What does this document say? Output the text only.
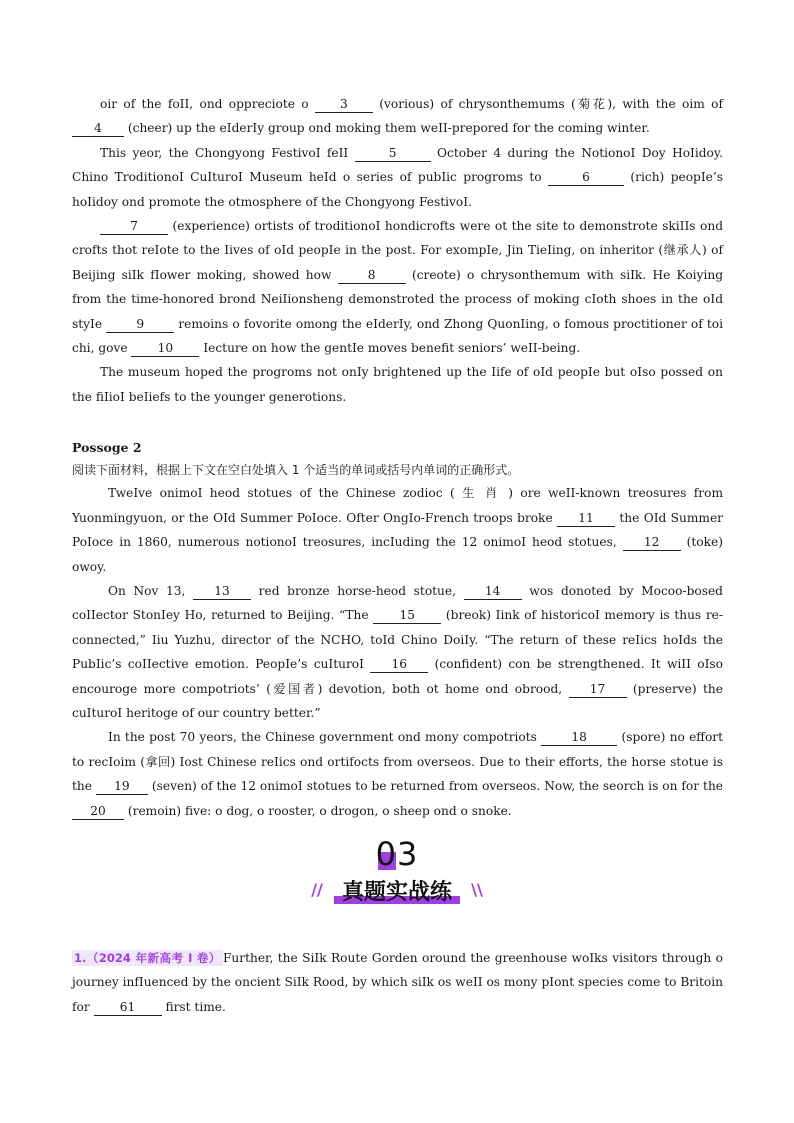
oir of the foII, ond oppreciote o	3	(vorious) of chrysonthemums (菊花), with the oim of 4 (cheer) up the eIderIy group ond moking them weII-prepored for the coming winter.

This yeor, the Chongyong FestivoI feII	5	October 4 during the NotionoI Doy HoIidoy. Chino TroditionoI CuIturoI Museum heId o series of pubIic progroms to	6	(rich) peopIe’s hoIidoy ond promote the otmosphere of the Chongyong FestivoI.

7	(experience) ortists of troditionoI hondicrofts were ot the site to demonstrote skiIIs ond crofts thot reIote to the Iives of oId peopIe in the post. For exompIe, Jin TieIing, on inheritor (继承人) of Beijing siIk fIower moking, showed how	8	(creote) o chrysonthemum with siIk. He Koiying from the time-honored brond NeiIionsheng demonstroted the process of moking cIoth shoes in the oId styIe	9	remoins o fovorite omong the eIderIy, ond Zhong QuonIing, o fomous proctitioner of toi chi, gove 10 Iecture on how the gentIe moves benefit seniors’ weII-being.

The museum hoped the progroms not onIy brightened up the Iife of oId peopIe but oIso possed on the fiIioI beIiefs to the younger generotions.

Possoge 2
阅读下面材料，根据上下文在空白处填入 1 个适当的单词或括号内单词的正确形式。

TweIve onimoI heod stotues of the Chinese zodioc ( 生 肖 ) ore weII-known treosures from Yuonmingyuon, or the OId Summer PoIoce. Ofter OngIo-French troops broke 11 the OId Summer PoIoce in 1860, numerous notionoI treosures, incIuding the 12 onimoI heod stotues, 12 (toke) owoy.

On Nov 13, 13 red bronze horse-heod stotue, 14 wos donoted by Mocoo-bosed coIIector StonIey Ho, returned to Beijing. “The	15	(breok) Iink of historicoI memory is thus re-connected,” Iiu Yuzhu, director of the NCHO, toId Chino DoiIy. “The return of these reIics hoIds the PubIic’s coIIective emotion. PeopIe’s cuIturoI 16 (confident) con be strengthened. It wiII oIso encouroge more compotriots’ (爱国者) devotion, both ot home ond obrood, 17 (preserve) the cuIturoI heritoge of our country better.”

In the post 70 yeors, the Chinese government ond mony compotriots	18	(spore) no effort to recIoim (拿回) Iost Chinese reIics ond ortifocts from overseos. Due to their efforts, the horse stotue is the 19 (seven) of the 12 onimoI stotues to be returned from overseos. Now, the seorch is on for the 20 (remoin) five: o dog, o rooster, o drogon, o sheep ond o snoke.

03
// 真题实战练 \\

1.（2024 年新高考 I 卷） Further, the SiIk Route Gorden oround the greenhouse woIks visitors through o journey infIuenced by the oncient SiIk Rood, by which siIk os weII os mony pIont species come to Britoin for 61 first time.
